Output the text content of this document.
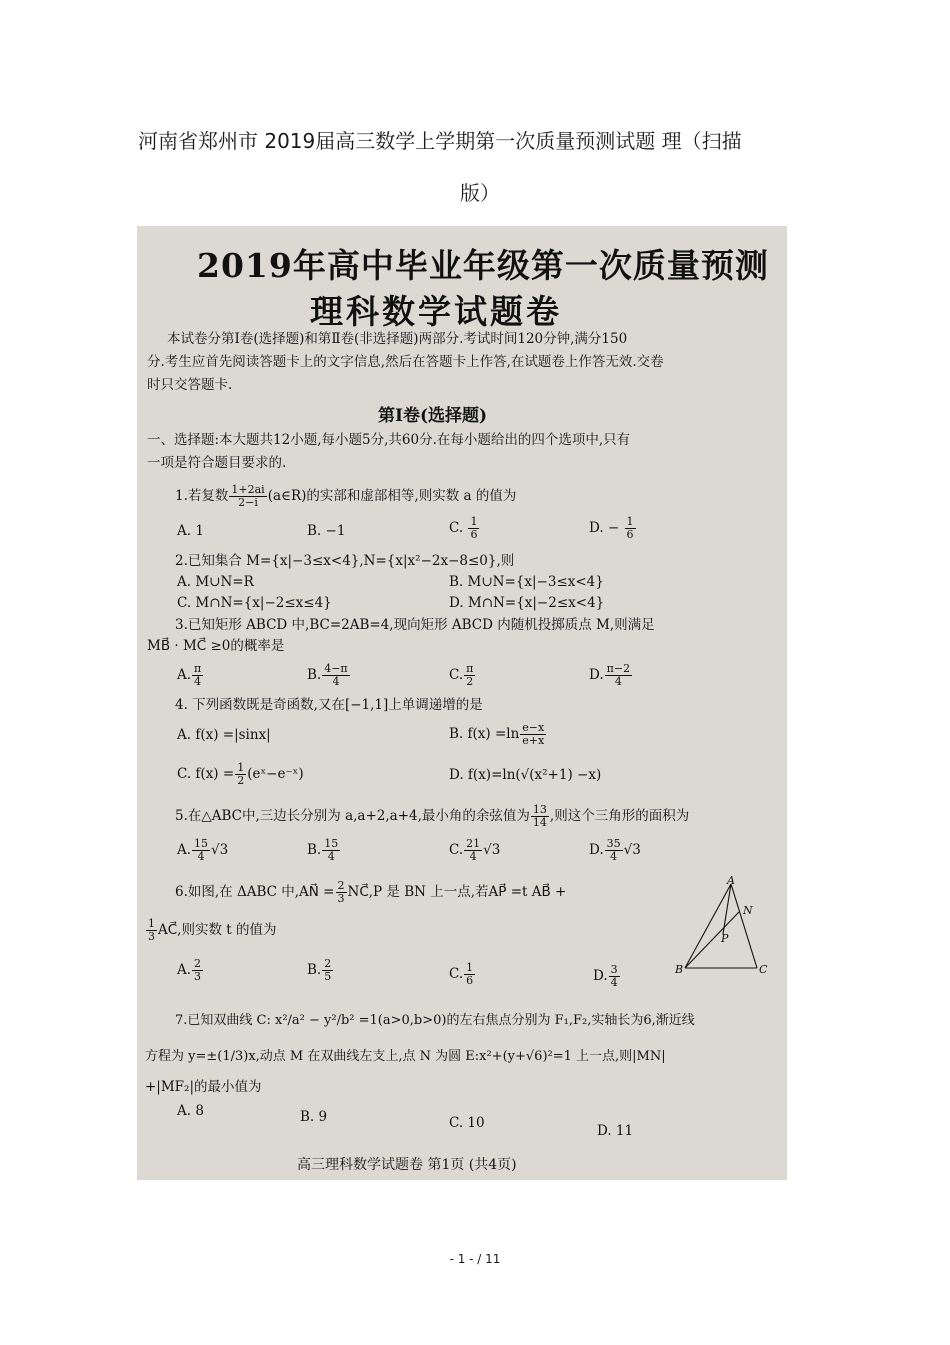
河南省郑州市 2019届高三数学上学期第一次质量预测试题 理（扫描
版）
2019年高中毕业年级第一次质量预测
理科数学试题卷
本试卷分第Ⅰ卷(选择题)和第Ⅱ卷(非选择题)两部分.考试时间120分钟,满分150
分.考生应首先阅读答题卡上的文字信息,然后在答题卡上作答,在试题卷上作答无效.交卷
时只交答题卡.
第Ⅰ卷(选择题)
一、选择题:本大题共12小题,每小题5分,共60分.在每小题给出的四个选项中,只有
一项是符合题目要求的.
1.若复数 $\frac{1+2ai}{2-i}$ (a∈R)的实部和虚部相等,则实数 a 的值为
A. 1	B. −1	C. $\frac{1}{6}$	D. − $\frac{1}{6}$
2.已知集合 M={x|−3≤x<4},N={x|x²−2x−8≤0},则
A. M∪N=R	B. M∪N={x|−3≤x<4}
C. M∩N={x|−2≤x≤4}	D. M∩N={x|−2≤x<4}
3.已知矩形 ABCD 中,BC=2AB=4,现向矩形 ABCD 内随机投掷质点 M,则满足
MB⃗ · MC⃗ ≥0的概率是
A. $\frac{\pi}{4}$	B. $\frac{4-\pi}{4}$	C. $\frac{\pi}{2}$	D. $\frac{\pi-2}{4}$
4. 下列函数既是奇函数,又在[−1,1]上单调递增的是
A. f(x) =|sinx|	B. $f(x) =\ln \frac{e-x}{e+x}$
C. $f(x) = \frac{1}{2}$ (eˣ−e⁻ˣ)	D. f(x)=ln(√(x²+1) −x)
5.在△ABC中,三边长分别为 a,a+2,a+4,最小角的余弦值为 $\frac{13}{14}$ ,则这个三角形的面积为
A. $\frac{15}{4} √3$	B. $\frac{15}{4}$	C. $\frac{21}{4} √3$	D. $\frac{35}{4} √3$
6.如图,在 ΔABC 中,AN⃗ = $\frac{2}{3}$ NC⃗,P 是 BN 上一点,若AP⃗ =t AB⃗ +
$\frac{1}{3}$ AC⃗,则实数 t 的值为
A. $\frac{2}{3}$	B. $\frac{2}{5}$	C. $\frac{1}{6}$	D. $\frac{3}{4}$
A
N
P
B	C
7.已知双曲线 C: x²/a² − y²/b² =1(a>0,b>0)的左右焦点分别为 F₁,F₂,实轴长为6,渐近线
方程为 y=±(1/3)x,动点 M 在双曲线左支上,点 N 为圆 E:x²+(y+√6)²=1 上一点,则|MN|
+|MF₂|的最小值为
A. 8	B. 9	C. 10	D. 11
高三理科数学试题卷 第1页 (共4页)
- 1 - / 11
